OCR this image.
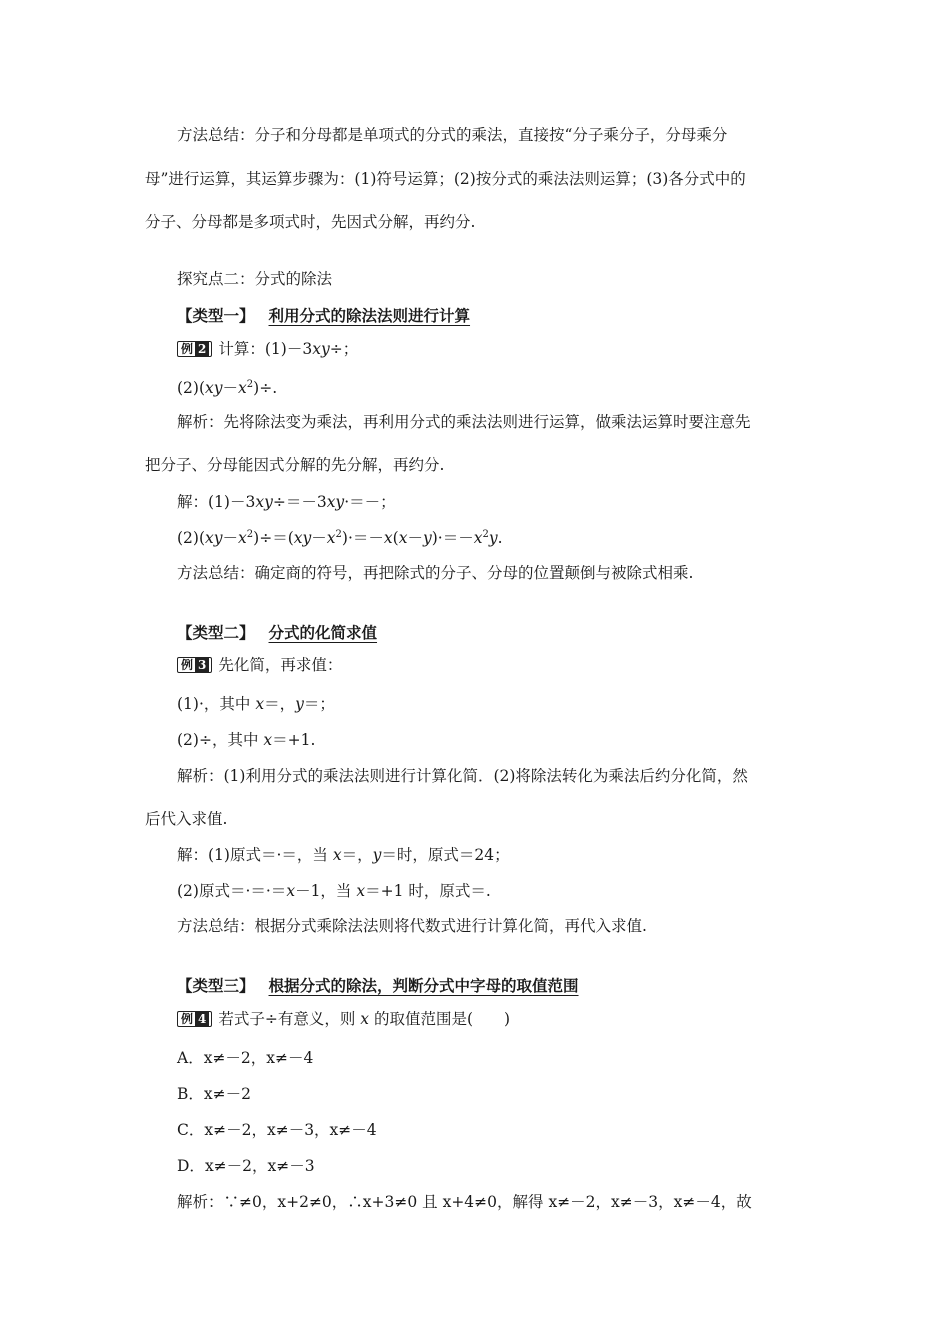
方法总结：分子和分母都是单项式的分式的乘法，直接按“分子乘分子，分母乘分
母”进行运算，其运算步骤为：(1)符号运算；(2)按分式的乘法法则运算；(3)各分式中的
分子、分母都是多项式时，先因式分解，再约分.
探究点二：分式的除法
【类型一】 利用分式的除法法则进行计算
例 2 计算：(1)－3xy÷；
$(2)(xy-x^2)\div$.
解析：先将除法变为乘法，再利用分式的乘法法则进行运算，做乘法运算时要注意先
把分子、分母能因式分解的先分解，再约分.
解：(1)－3xy÷＝－3xy·＝－；
$(2)(xy-x^2)\div=(xy-x^2)\cdot=-x(x-y)\cdot=-x^2y$.
方法总结：确定商的符号，再把除式的分子、分母的位置颠倒与被除式相乘.
【类型二】 分式的化简求值
例 3 先化简，再求值：
(1)·，其中 x＝，y＝；
(2)÷，其中 x＝+1.
解析：(1)利用分式的乘法法则进行计算化简．(2)将除法转化为乘法后约分化简，然
后代入求值.
解：(1)原式＝·＝，当 x＝，y＝时，原式＝24；
(2)原式＝·＝·＝x－1，当 x＝+1 时，原式＝.
方法总结：根据分式乘除法法则将代数式进行计算化简，再代入求值.
【类型三】 根据分式的除法，判断分式中字母的取值范围
例 4 若式子÷有意义，则 x 的取值范围是(　　)
A．x≠－2，x≠－4
B．x≠－2
C．x≠－2，x≠－3，x≠－4
D．x≠－2，x≠－3
解析：∵≠0，x+2≠0，∴x+3≠0 且 x+4≠0，解得 x≠－2，x≠－3，x≠－4，故
